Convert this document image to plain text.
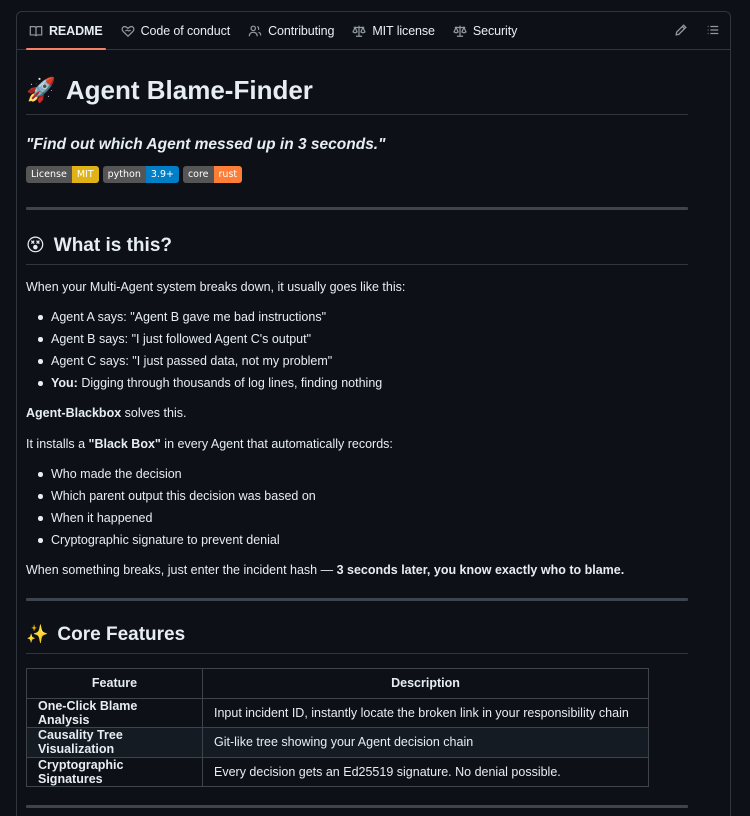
README	Code of conduct	Contributing	MIT license	Security
🚀 Agent Blame-Finder
"Find out which Agent messed up in 3 seconds."
License	MIT	python	3.9+	core	rust
😵 What is this?

When your Multi-Agent system breaks down, it usually goes like this:

Agent A says: "Agent B gave me bad instructions"
Agent B says: "I just followed Agent C's output"
Agent C says: "I just passed data, not my problem"
You: Digging through thousands of log lines, finding nothing

Agent-Blackbox solves this.

It installs a "Black Box" in every Agent that automatically records:

Who made the decision
Which parent output this decision was based on
When it happened
Cryptographic signature to prevent denial

When something breaks, just enter the incident hash — 3 seconds later, you know exactly who to blame.

✨ Core Features
Feature	Description
One-Click Blame Analysis	Input incident ID, instantly locate the broken link in your responsibility chain
Causality Tree Visualization	Git-like tree showing your Agent decision chain
Cryptographic Signatures	Every decision gets an Ed25519 signature. No denial possible.
